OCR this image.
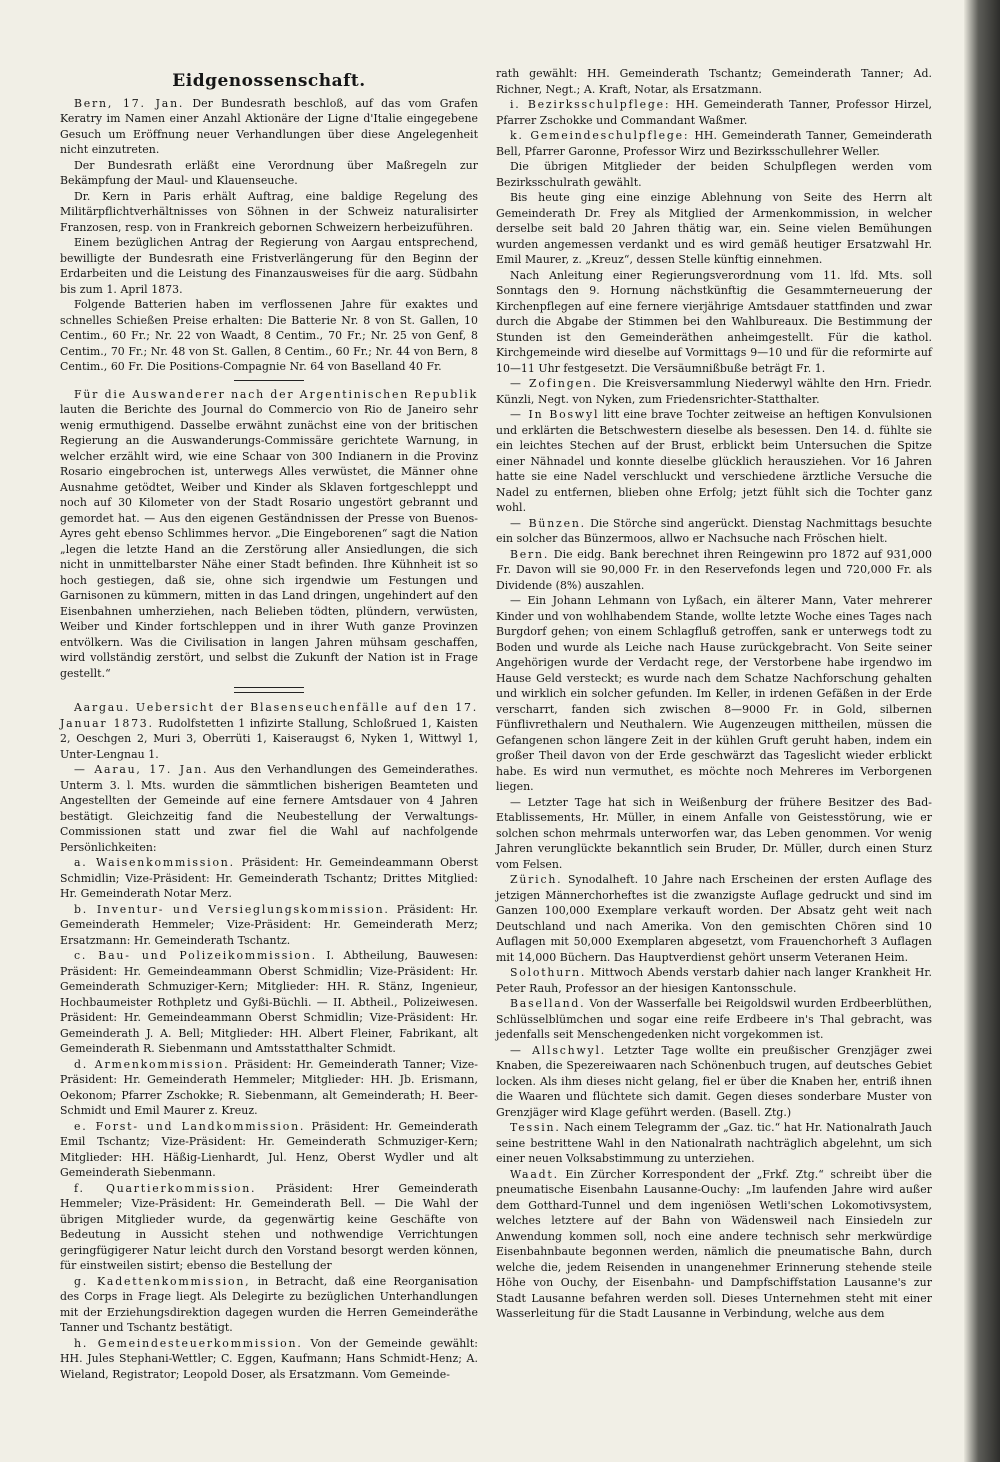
Eidgenossenschaft.

Bern, 17. Jan. Der Bundesrath beschloß, auf das vom Grafen Keratry im Namen einer Anzahl Aktionäre der Ligne d'Italie eingegebene Gesuch um Eröffnung neuer Verhandlungen über diese Angelegenheit nicht einzutreten.

Der Bundesrath erläßt eine Verordnung über Maßregeln zur Bekämpfung der Maul- und Klauenseuche.

Dr. Kern in Paris erhält Auftrag, eine baldige Regelung des Militärpflichtverhältnisses von Söhnen in der Schweiz naturalisirter Franzosen, resp. von in Frankreich gebornen Schweizern herbeizuführen.

Einem bezüglichen Antrag der Regierung von Aargau entsprechend, bewilligte der Bundesrath eine Fristverlängerung für den Beginn der Erdarbeiten und die Leistung des Finanzausweises für die aarg. Südbahn bis zum 1. April 1873.

Folgende Batterien haben im verflossenen Jahre für exaktes und schnelles Schießen Preise erhalten: Die Batterie Nr. 8 von St. Gallen, 10 Centim., 60 Fr.; Nr. 22 von Waadt, 8 Centim., 70 Fr.; Nr. 25 von Genf, 8 Centim., 70 Fr.; Nr. 48 von St. Gallen, 8 Centim., 60 Fr.; Nr. 44 von Bern, 8 Centim., 60 Fr. Die Positions-Compagnie Nr. 64 von Baselland 40 Fr.

Für die Auswanderer nach der Argentinischen Republik lauten die Berichte des Journal do Commercio von Rio de Janeiro sehr wenig ermuthigend. Dasselbe erwähnt zunächst eine von der britischen Regierung an die Auswanderungs-Commissäre gerichtete Warnung, in welcher erzählt wird, wie eine Schaar von 300 Indianern in die Provinz Rosario eingebrochen ist, unterwegs Alles verwüstet, die Männer ohne Ausnahme getödtet, Weiber und Kinder als Sklaven fortgeschleppt und noch auf 30 Kilometer von der Stadt Rosario ungestört gebrannt und gemordet hat. — Aus den eigenen Geständnissen der Presse von Buenos-Ayres geht ebenso Schlimmes hervor. „Die Eingeborenen“ sagt die Nation „legen die letzte Hand an die Zerstörung aller Ansiedlungen, die sich nicht in unmittelbarster Nähe einer Stadt befinden. Ihre Kühnheit ist so hoch gestiegen, daß sie, ohne sich irgendwie um Festungen und Garnisonen zu kümmern, mitten in das Land dringen, ungehindert auf den Eisenbahnen umherziehen, nach Belieben tödten, plündern, verwüsten, Weiber und Kinder fortschleppen und in ihrer Wuth ganze Provinzen entvölkern. Was die Civilisation in langen Jahren mühsam geschaffen, wird vollständig zerstört, und selbst die Zukunft der Nation ist in Frage gestellt.“

Aargau. Uebersicht der Blasenseuchenfälle auf den 17. Januar 1873. Rudolfstetten 1 infizirte Stallung, Schloßrued 1, Kaisten 2, Oeschgen 2, Muri 3, Oberrüti 1, Kaiseraugst 6, Nyken 1, Wittwyl 1, Unter-Lengnau 1.

— Aarau, 17. Jan. Aus den Verhandlungen des Gemeinderathes. Unterm 3. l. Mts. wurden die sämmtlichen bisherigen Beamteten und Angestellten der Gemeinde auf eine fernere Amtsdauer von 4 Jahren bestätigt. Gleichzeitig fand die Neubestellung der Verwaltungs-Commissionen statt und zwar fiel die Wahl auf nachfolgende Persönlichkeiten:

a. Waisenkommission. Präsident: Hr. Gemeindeammann Oberst Schmidlin; Vize-Präsident: Hr. Gemeinderath Tschantz; Drittes Mitglied: Hr. Gemeinderath Notar Merz.

b. Inventur- und Versieglungskommission. Präsident: Hr. Gemeinderath Hemmeler; Vize-Präsident: Hr. Gemeinderath Merz; Ersatzmann: Hr. Gemeinderath Tschantz.

c. Bau- und Polizeikommission. I. Abtheilung, Bauwesen: Präsident: Hr. Gemeindeammann Oberst Schmidlin; Vize-Präsident: Hr. Gemeinderath Schmuziger-Kern; Mitglieder: HH. R. Stänz, Ingenieur, Hochbaumeister Rothpletz und Gyßi-Büchli. — II. Abtheil., Polizeiwesen. Präsident: Hr. Gemeindeammann Oberst Schmidlin; Vize-Präsident: Hr. Gemeinderath J. A. Bell; Mitglieder: HH. Albert Fleiner, Fabrikant, alt Gemeinderath R. Siebenmann und Amtsstatthalter Schmidt.

d. Armenkommission. Präsident: Hr. Gemeinderath Tanner; Vize-Präsident: Hr. Gemeinderath Hemmeler; Mitglieder: HH. Jb. Erismann, Oekonom; Pfarrer Zschokke; R. Siebenmann, alt Gemeinderath; H. Beer-Schmidt und Emil Maurer z. Kreuz.

e. Forst- und Landkommission. Präsident: Hr. Gemeinderath Emil Tschantz; Vize-Präsident: Hr. Gemeinderath Schmuziger-Kern; Mitglieder: HH. Häßig-Lienhardt, Jul. Henz, Oberst Wydler und alt Gemeinderath Siebenmann.

f. Quartierkommission. Präsident: Hrer Gemeinderath Hemmeler; Vize-Präsident: Hr. Gemeinderath Bell. — Die Wahl der übrigen Mitglieder wurde, da gegenwärtig keine Geschäfte von Bedeutung in Aussicht stehen und nothwendige Verrichtungen geringfügigerer Natur leicht durch den Vorstand besorgt werden können, für einstweilen sistirt; ebenso die Bestellung der

g. Kadettenkommission, in Betracht, daß eine Reorganisation des Corps in Frage liegt. Als Delegirte zu bezüglichen Unterhandlungen mit der Erziehungsdirektion dagegen wurden die Herren Gemeinderäthe Tanner und Tschantz bestätigt.

h. Gemeindesteuerkommission. Von der Gemeinde gewählt: HH. Jules Stephani-Wettler; C. Eggen, Kaufmann; Hans Schmidt-Henz; A. Wieland, Registrator; Leopold Doser, als Ersatzmann. Vom Gemeinde-

rath gewählt: HH. Gemeinderath Tschantz; Gemeinderath Tanner; Ad. Richner, Negt.; A. Kraft, Notar, als Ersatzmann.

i. Bezirksschulpflege: HH. Gemeinderath Tanner, Professor Hirzel, Pfarrer Zschokke und Commandant Waßmer.

k. Gemeindeschulpflege: HH. Gemeinderath Tanner, Gemeinderath Bell, Pfarrer Garonne, Professor Wirz und Bezirksschullehrer Weller.

Die übrigen Mitglieder der beiden Schulpflegen werden vom Bezirksschulrath gewählt.

Bis heute ging eine einzige Ablehnung von Seite des Herrn alt Gemeinderath Dr. Frey als Mitglied der Armenkommission, in welcher derselbe seit bald 20 Jahren thätig war, ein. Seine vielen Bemühungen wurden angemessen verdankt und es wird gemäß heutiger Ersatzwahl Hr. Emil Maurer, z. „Kreuz“, dessen Stelle künftig einnehmen.

Nach Anleitung einer Regierungsverordnung vom 11. lfd. Mts. soll Sonntags den 9. Hornung nächstkünftig die Gesammterneuerung der Kirchenpflegen auf eine fernere vierjährige Amtsdauer stattfinden und zwar durch die Abgabe der Stimmen bei den Wahlbureaux. Die Bestimmung der Stunden ist den Gemeinderäthen anheimgestellt. Für die kathol. Kirchgemeinde wird dieselbe auf Vormittags 9—10 und für die reformirte auf 10—11 Uhr festgesetzt. Die Versäumnißbuße beträgt Fr. 1.

— Zofingen. Die Kreisversammlung Niederwyl wählte den Hrn. Friedr. Künzli, Negt. von Nyken, zum Friedensrichter-Statthalter.

— In Boswyl litt eine brave Tochter zeitweise an heftigen Konvulsionen und erklärten die Betschwestern dieselbe als besessen. Den 14. d. fühlte sie ein leichtes Stechen auf der Brust, erblickt beim Untersuchen die Spitze einer Nähnadel und konnte dieselbe glücklich herausziehen. Vor 16 Jahren hatte sie eine Nadel verschluckt und verschiedene ärztliche Versuche die Nadel zu entfernen, blieben ohne Erfolg; jetzt fühlt sich die Tochter ganz wohl.

— Bünzen. Die Störche sind angerückt. Dienstag Nachmittags besuchte ein solcher das Bünzermoos, allwo er Nachsuche nach Fröschen hielt.

Bern. Die eidg. Bank berechnet ihren Reingewinn pro 1872 auf 931,000 Fr. Davon will sie 90,000 Fr. in den Reservefonds legen und 720,000 Fr. als Dividende (8%) auszahlen.

— Ein Johann Lehmann von Lyßach, ein älterer Mann, Vater mehrerer Kinder und von wohlhabendem Stande, wollte letzte Woche eines Tages nach Burgdorf gehen; von einem Schlagfluß getroffen, sank er unterwegs todt zu Boden und wurde als Leiche nach Hause zurückgebracht. Von Seite seiner Angehörigen wurde der Verdacht rege, der Verstorbene habe irgendwo im Hause Geld versteckt; es wurde nach dem Schatze Nachforschung gehalten und wirklich ein solcher gefunden. Im Keller, in irdenen Gefäßen in der Erde verscharrt, fanden sich zwischen 8—9000 Fr. in Gold, silbernen Fünflivrethalern und Neuthalern. Wie Augenzeugen mittheilen, müssen die Gefangenen schon längere Zeit in der kühlen Gruft geruht haben, indem ein großer Theil davon von der Erde geschwärzt das Tageslicht wieder erblickt habe. Es wird nun vermuthet, es möchte noch Mehreres im Verborgenen liegen.

— Letzter Tage hat sich in Weißenburg der frühere Besitzer des Bad-Etablissements, Hr. Müller, in einem Anfalle von Geistesstörung, wie er solchen schon mehrmals unterworfen war, das Leben genommen. Vor wenig Jahren verunglückte bekanntlich sein Bruder, Dr. Müller, durch einen Sturz vom Felsen.

Zürich. Synodalheft. 10 Jahre nach Erscheinen der ersten Auflage des jetzigen Männerchorheftes ist die zwanzigste Auflage gedruckt und sind im Ganzen 100,000 Exemplare verkauft worden. Der Absatz geht weit nach Deutschland und nach Amerika. Von den gemischten Chören sind 10 Auflagen mit 50,000 Exemplaren abgesetzt, vom Frauenchorheft 3 Auflagen mit 14,000 Büchern. Das Hauptverdienst gehört unserm Veteranen Heim.

Solothurn. Mittwoch Abends verstarb dahier nach langer Krankheit Hr. Peter Rauh, Professor an der hiesigen Kantonsschule.

Baselland. Von der Wasserfalle bei Reigoldswil wurden Erdbeerblüthen, Schlüsselblümchen und sogar eine reife Erdbeere in's Thal gebracht, was jedenfalls seit Menschengedenken nicht vorgekommen ist.

— Allschwyl. Letzter Tage wollte ein preußischer Grenzjäger zwei Knaben, die Spezereiwaaren nach Schönenbuch trugen, auf deutsches Gebiet locken. Als ihm dieses nicht gelang, fiel er über die Knaben her, entriß ihnen die Waaren und flüchtete sich damit. Gegen dieses sonderbare Muster von Grenzjäger wird Klage geführt werden. (Basell. Ztg.)

Tessin. Nach einem Telegramm der „Gaz. tic.“ hat Hr. Nationalrath Jauch seine bestrittene Wahl in den Nationalrath nachträglich abgelehnt, um sich einer neuen Volksabstimmung zu unterziehen.

Waadt. Ein Zürcher Korrespondent der „Frkf. Ztg.“ schreibt über die pneumatische Eisenbahn Lausanne-Ouchy: „Im laufenden Jahre wird außer dem Gotthard-Tunnel und dem ingeniösen Wetli'schen Lokomotivsystem, welches letztere auf der Bahn von Wädensweil nach Einsiedeln zur Anwendung kommen soll, noch eine andere technisch sehr merkwürdige Eisenbahnbaute begonnen werden, nämlich die pneumatische Bahn, durch welche die, jedem Reisenden in unangenehmer Erinnerung stehende steile Höhe von Ouchy, der Eisenbahn- und Dampfschiffstation Lausanne's zur Stadt Lausanne befahren werden soll. Dieses Unternehmen steht mit einer Wasserleitung für die Stadt Lausanne in Verbindung, welche aus dem
